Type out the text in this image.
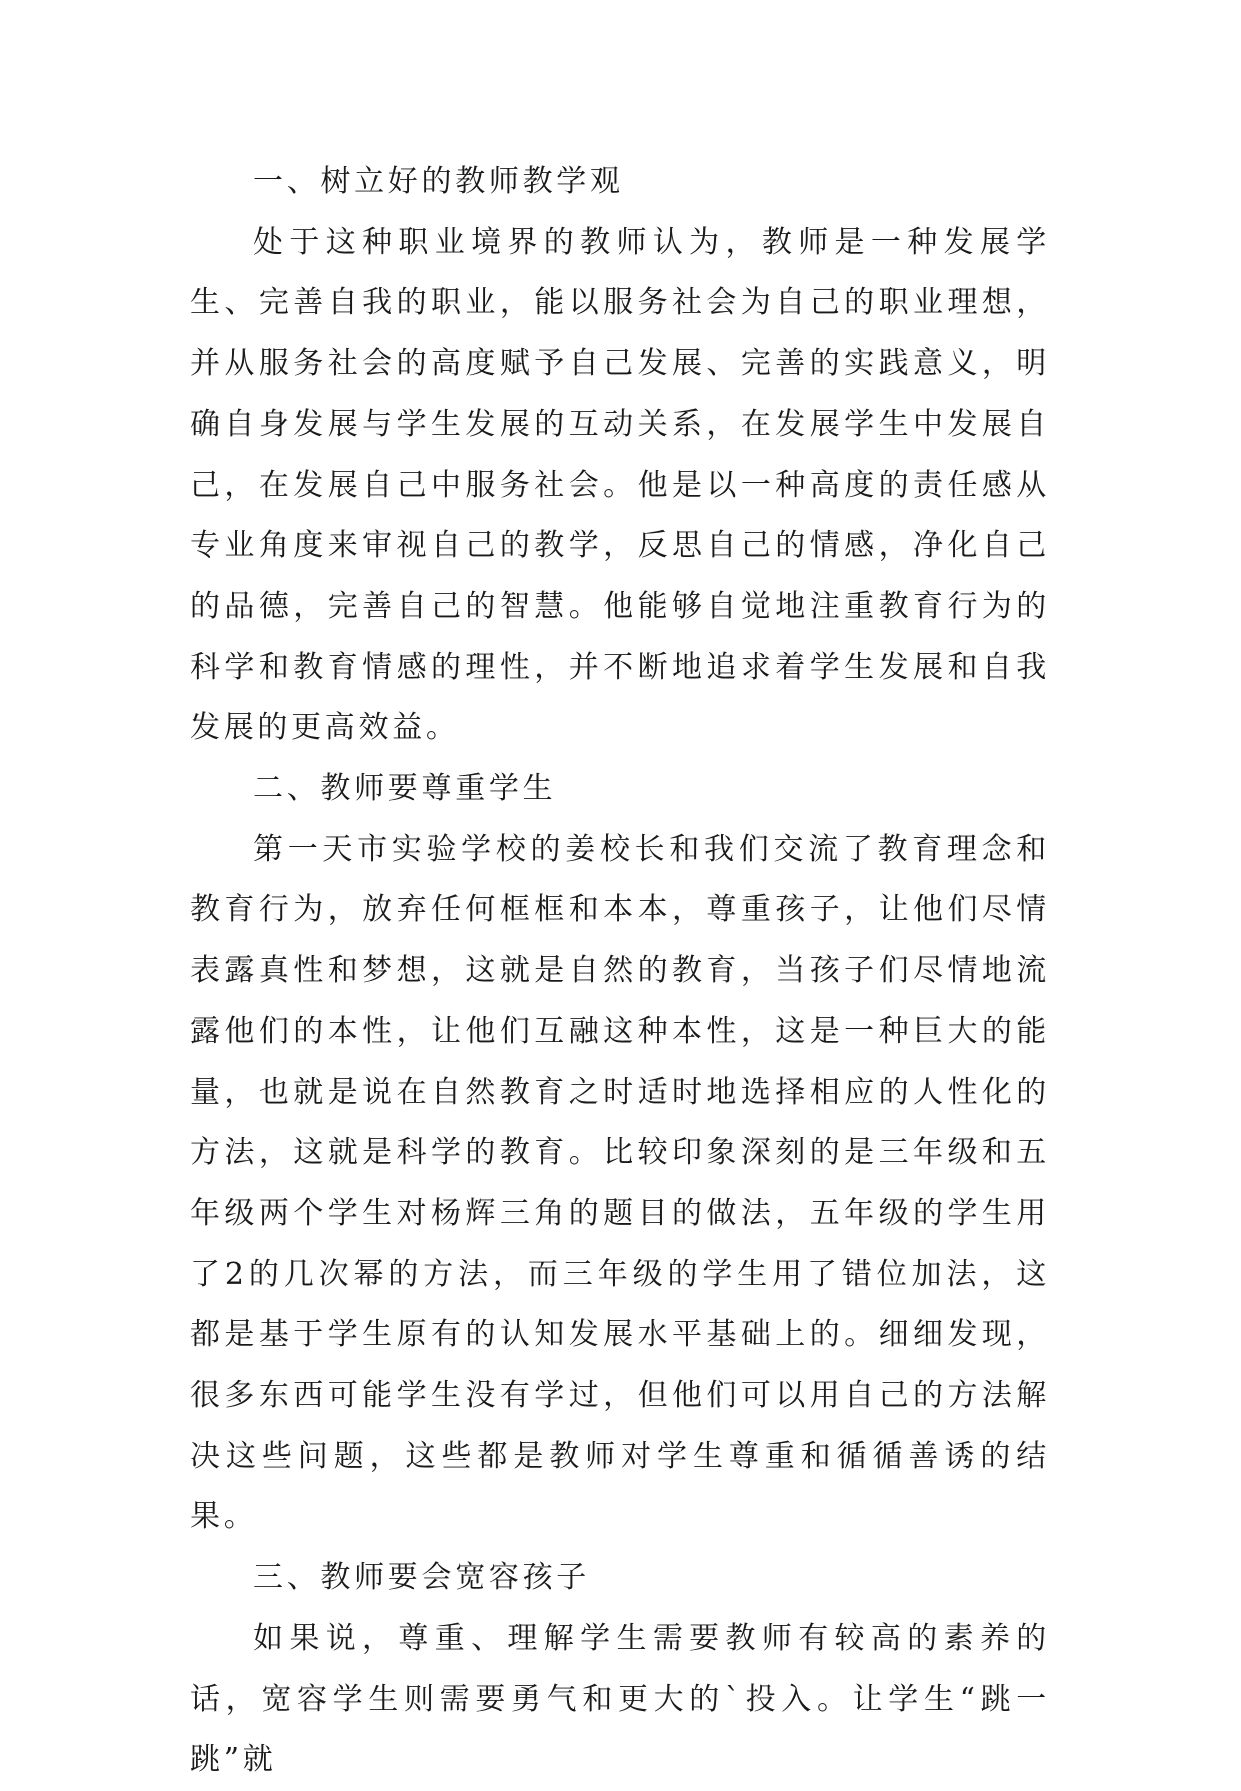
一、树立好的教师教学观

处于这种职业境界的教师认为，教师是一种发展学生、完善自我的职业，能以服务社会为自己的职业理想，并从服务社会的高度赋予自己发展、完善的实践意义，明确自身发展与学生发展的互动关系，在发展学生中发展自己，在发展自己中服务社会。他是以一种高度的责任感从专业角度来审视自己的教学，反思自己的情感，净化自己的品德，完善自己的智慧。他能够自觉地注重教育行为的科学和教育情感的理性，并不断地追求着学生发展和自我发展的更高效益。

二、教师要尊重学生

第一天市实验学校的姜校长和我们交流了教育理念和教育行为，放弃任何框框和本本，尊重孩子，让他们尽情表露真性和梦想，这就是自然的教育，当孩子们尽情地流露他们的本性，让他们互融这种本性，这是一种巨大的能量，也就是说在自然教育之时适时地选择相应的人性化的方法，这就是科学的教育。比较印象深刻的是三年级和五年级两个学生对杨辉三角的题目的做法，五年级的学生用了2的几次幂的方法，而三年级的学生用了错位加法，这都是基于学生原有的认知发展水平基础上的。细细发现，很多东西可能学生没有学过，但他们可以用自己的方法解决这些问题，这些都是教师对学生尊重和循循善诱的结果。

三、教师要会宽容孩子

如果说，尊重、理解学生需要教师有较高的素养的话，宽容学生则需要勇气和更大的`投入。让学生“跳一跳”就
